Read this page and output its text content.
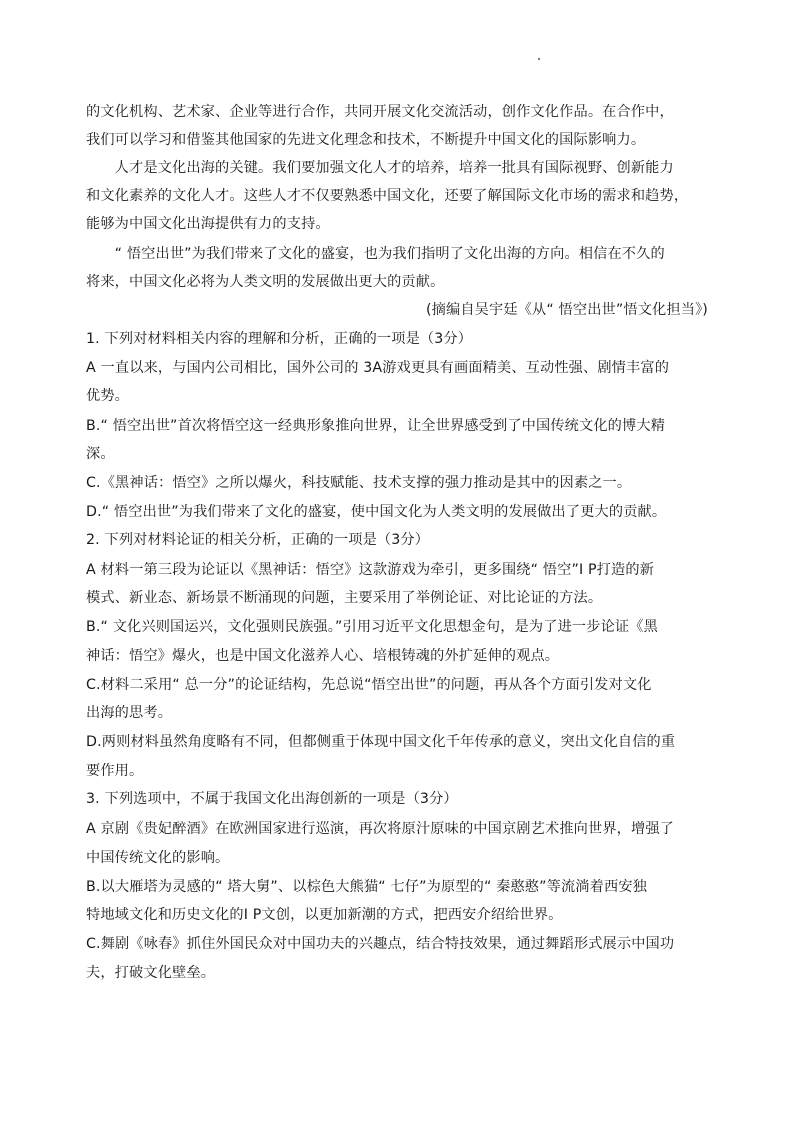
的文化机构、艺术家、企业等进行合作，共同开展文化交流活动，创作文化作品。在合作中，
我们可以学习和借鉴其他国家的先进文化理念和技术，不断提升中国文化的国际影响力。
　　人才是文化出海的关键。我们要加强文化人才的培养，培养一批具有国际视野、创新能力
和文化素养的文化人才。这些人才不仅要熟悉中国文化，还要了解国际文化市场的需求和趋势，
能够为中国文化出海提供有力的支持。
　　“ 悟空出世”为我们带来了文化的盛宴，也为我们指明了文化出海的方向。相信在不久的
将来，中国文化必将为人类文明的发展做出更大的贡献。
(摘编自吴宇廷《从“ 悟空出世”悟文化担当》)
1. 下列对材料相关内容的理解和分析，正确的一项是（3分）
A 一直以来，与国内公司相比，国外公司的 3A游戏更具有画面精美、互动性强、剧情丰富的
优势。
B.“ 悟空出世”首次将悟空这一经典形象推向世界，让全世界感受到了中国传统文化的博大精
深。
C.《黑神话：悟空》之所以爆火，科技赋能、技术支撑的强力推动是其中的因素之一。
D.“ 悟空出世”为我们带来了文化的盛宴，使中国文化为人类文明的发展做出了更大的贡献。
2. 下列对材料论证的相关分析，正确的一项是（3分）
A 材料一第三段为论证以《黑神话：悟空》这款游戏为牵引，更多围绕“ 悟空”I P打造的新
模式、新业态、新场景不断涌现的问题，主要采用了举例论证、对比论证的方法。
B.“ 文化兴则国运兴，文化强则民族强。”引用习近平文化思想金句，是为了进一步论证《黑
神话：悟空》爆火，也是中国文化滋养人心、培根铸魂的外扩延伸的观点。
C.材料二采用“ 总一分”的论证结构，先总说“悟空出世”的问题，再从各个方面引发对文化
出海的思考。
D.两则材料虽然角度略有不同，但都侧重于体现中国文化千年传承的意义，突出文化自信的重
要作用。
3. 下列选项中，不属于我国文化出海创新的一项是（3分）
A 京剧《贵妃醉酒》在欧洲国家进行巡演，再次将原汁原味的中国京剧艺术推向世界，增强了
中国传统文化的影响。
B.以大雁塔为灵感的“ 塔大舅”、以棕色大熊猫“ 七仔”为原型的“ 秦憨憨”等流淌着西安独
特地域文化和历史文化的I P文创，以更加新潮的方式，把西安介绍给世界。
C.舞剧《咏春》抓住外国民众对中国功夫的兴趣点，结合特技效果，通过舞蹈形式展示中国功
夫，打破文化壁垒。
